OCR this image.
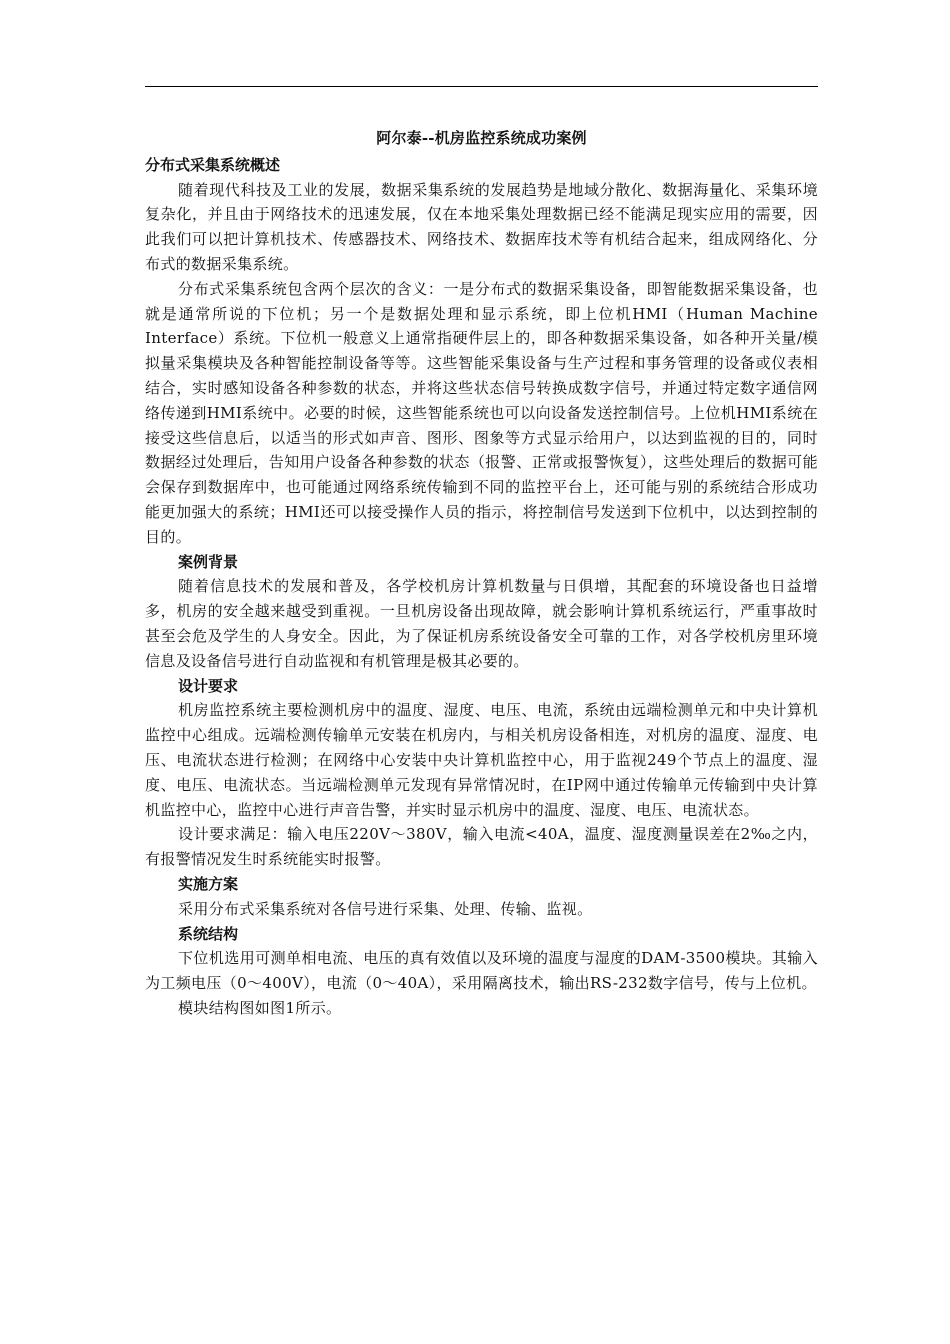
阿尔泰--机房监控系统成功案例
分布式采集系统概述

随着现代科技及工业的发展，数据采集系统的发展趋势是地域分散化、数据海量化、采集环境复杂化，并且由于网络技术的迅速发展，仅在本地采集处理数据已经不能满足现实应用的需要，因此我们可以把计算机技术、传感器技术、网络技术、数据库技术等有机结合起来，组成网络化、分布式的数据采集系统。

分布式采集系统包含两个层次的含义：一是分布式的数据采集设备，即智能数据采集设备，也就是通常所说的下位机；另一个是数据处理和显示系统，即上位机HMI（Human Machine Interface）系统。下位机一般意义上通常指硬件层上的，即各种数据采集设备，如各种开关量/模拟量采集模块及各种智能控制设备等等。这些智能采集设备与生产过程和事务管理的设备或仪表相结合，实时感知设备各种参数的状态，并将这些状态信号转换成数字信号，并通过特定数字通信网络传递到HMI系统中。必要的时候，这些智能系统也可以向设备发送控制信号。上位机HMI系统在接受这些信息后，以适当的形式如声音、图形、图象等方式显示给用户，以达到监视的目的，同时数据经过处理后，告知用户设备各种参数的状态（报警、正常或报警恢复），这些处理后的数据可能会保存到数据库中，也可能通过网络系统传输到不同的监控平台上，还可能与别的系统结合形成功能更加强大的系统；HMI还可以接受操作人员的指示，将控制信号发送到下位机中，以达到控制的目的。

案例背景

随着信息技术的发展和普及，各学校机房计算机数量与日俱增，其配套的环境设备也日益增多，机房的安全越来越受到重视。一旦机房设备出现故障，就会影响计算机系统运行，严重事故时甚至会危及学生的人身安全。因此，为了保证机房系统设备安全可靠的工作，对各学校机房里环境信息及设备信号进行自动监视和有机管理是极其必要的。

设计要求

机房监控系统主要检测机房中的温度、湿度、电压、电流，系统由远端检测单元和中央计算机监控中心组成。远端检测传输单元安装在机房内，与相关机房设备相连，对机房的温度、湿度、电压、电流状态进行检测；在网络中心安装中央计算机监控中心，用于监视249个节点上的温度、湿度、电压、电流状态。当远端检测单元发现有异常情况时，在IP网中通过传输单元传输到中央计算机监控中心，监控中心进行声音告警，并实时显示机房中的温度、湿度、电压、电流状态。

设计要求满足：输入电压220V～380V，输入电流<40A，温度、湿度测量误差在2‰之内，有报警情况发生时系统能实时报警。

实施方案

采用分布式采集系统对各信号进行采集、处理、传输、监视。

系统结构

下位机选用可测单相电流、电压的真有效值以及环境的温度与湿度的DAM-3500模块。其输入为工频电压（0～400V），电流（0～40A），采用隔离技术，输出RS-232数字信号，传与上位机。

模块结构图如图1所示。
